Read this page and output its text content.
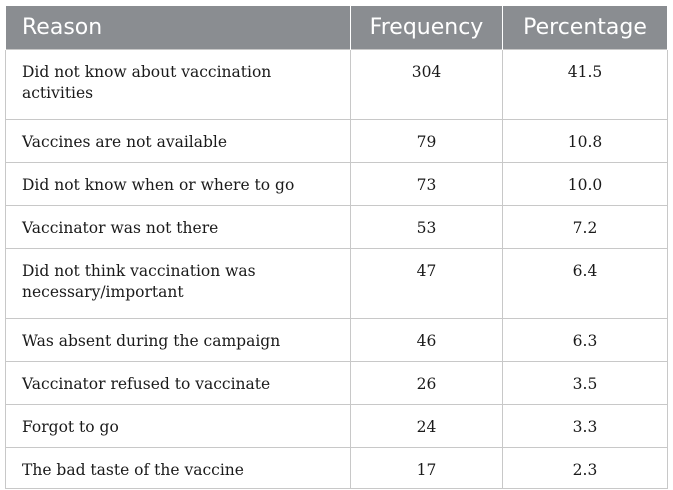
Reason	Frequency	Percentage
Did not know about vaccination activities	304	41.5
Vaccines are not available	79	10.8
Did not know when or where to go	73	10.0
Vaccinator was not there	53	7.2
Did not think vaccination was necessary/important	47	6.4
Was absent during the campaign	46	6.3
Vaccinator refused to vaccinate	26	3.5
Forgot to go	24	3.3
The bad taste of the vaccine	17	2.3
